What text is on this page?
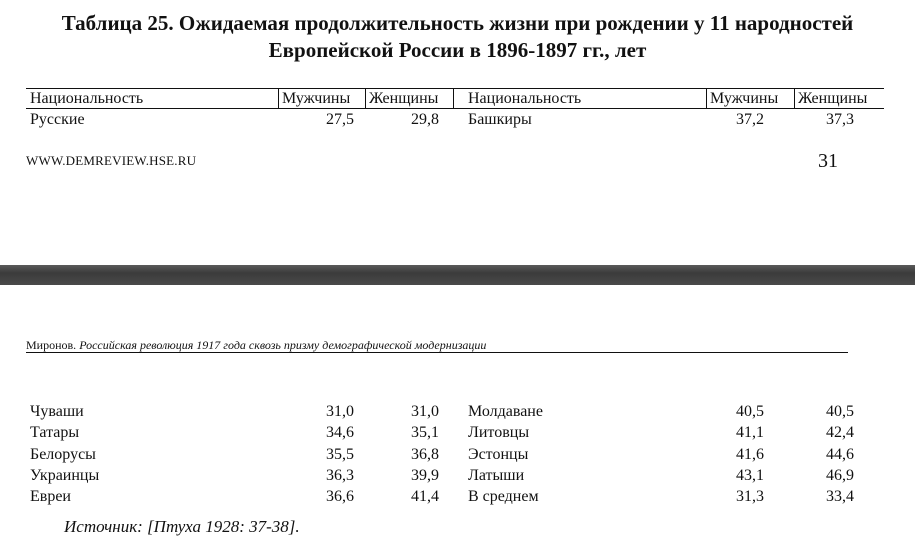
Таблица 25. Ожидаемая продолжительность жизни при рождении у 11 народностей
Европейской России в 1896-1897 гг., лет
Национальность	Мужчины Женщины Национальность	Мужчины Женщины
Русские	27,5	29,8 Башкиры	37,2	37,3
WWW.DEMREVIEW.HSE.RU	31
Миронов. Российская революция 1917 года сквозь призму демографической модернизации
Чуваши	31,0	31,0 Молдаване	40,5	40,5
Татары	34,6	35,1 Литовцы	41,1	42,4
Белорусы	35,5	36,8 Эстонцы	41,6	44,6
Украинцы	36,3	39,9 Латыши	43,1	46,9
Евреи	36,6	41,4 В среднем	31,3	33,4
Источник: [Птуха 1928: 37-38].
